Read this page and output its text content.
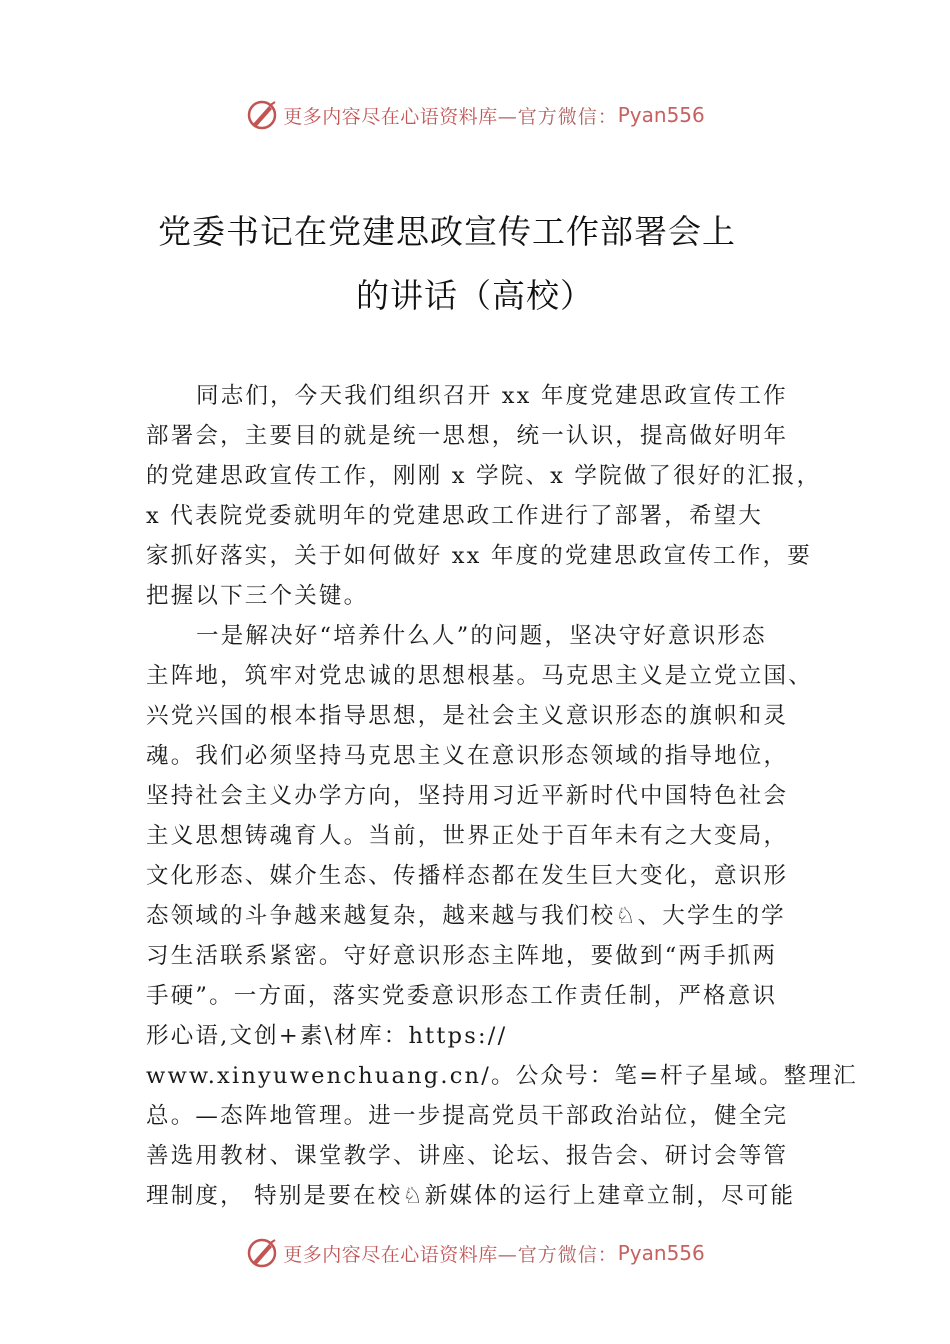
更多内容尽在心语资料库 —官方微信： Pyan556
党委书记在党建思政宣传工作部署会上
的讲话（高校）
同志们，今天我们组织召开 xx 年度党建思政宣传工作
部署会，主要目的就是统一思想，统一认识，提高做好明年
的党建思政宣传工作，刚刚 x 学院、x 学院做了很好的汇报，
x 代表院党委就明年的党建思政工作进行了部署，希望大
家抓好落实，关于如何做好 xx 年度的党建思政宣传工作，要
把握以下三个关键。
一是解决好“培养什么人”的问题，坚决守好意识形态
主阵地，筑牢对党忠诚的思想根基。马克思主义是立党立国、
兴党兴国的根本指导思想，是社会主义意识形态的旗帜和灵
魂。我们必须坚持马克思主义在意识形态领域的指导地位，
坚持社会主义办学方向，坚持用习近平新时代中国特色社会
主义思想铸魂育人。当前，世界正处于百年未有之大变局，
文化形态、媒介生态、传播样态都在发生巨大变化，意识形
态领域的斗争越来越复杂，越来越与我们校♘、大学生的学
习生活联系紧密。守好意识形态主阵地，要做到“两手抓两
手硬”。一方面，落实党委意识形态工作责任制，严格意识
形心语,文创+素\材库：https://
www.xinyuwenchuang.cn/。公众号：笔=杆子星域。整理汇
总。—态阵地管理。进一步提高党员干部政治站位，健全完
善选用教材、课堂教学、讲座、论坛、报告会、研讨会等管
理制度， 特别是要在校♘新媒体的运行上建章立制，尽可能
更多内容尽在心语资料库 —官方微信： Pyan556
